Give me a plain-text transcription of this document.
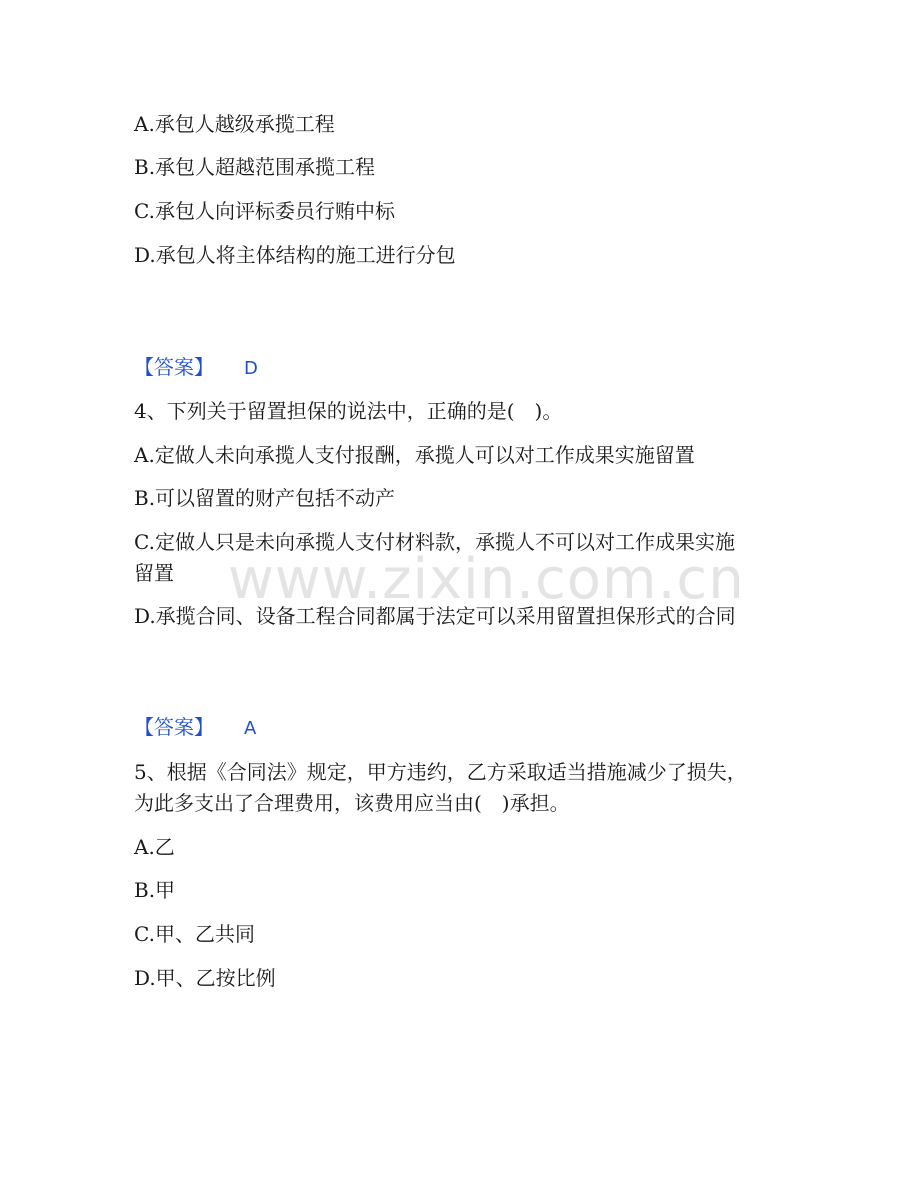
A.承包人越级承揽工程
B.承包人超越范围承揽工程
C.承包人向评标委员行贿中标
D.承包人将主体结构的施工进行分包
【答案】 D
4、下列关于留置担保的说法中，正确的是(　)。
A.定做人未向承揽人支付报酬，承揽人可以对工作成果实施留置
B.可以留置的财产包括不动产
C.定做人只是未向承揽人支付材料款，承揽人不可以对工作成果实施
留置
D.承揽合同、设备工程合同都属于法定可以采用留置担保形式的合同
www.zixin.com.cn
【答案】 A
5、根据《合同法》规定，甲方违约，乙方采取适当措施减少了损失，
为此多支出了合理费用，该费用应当由(　)承担。
A.乙
B.甲
C.甲、乙共同
D.甲、乙按比例
